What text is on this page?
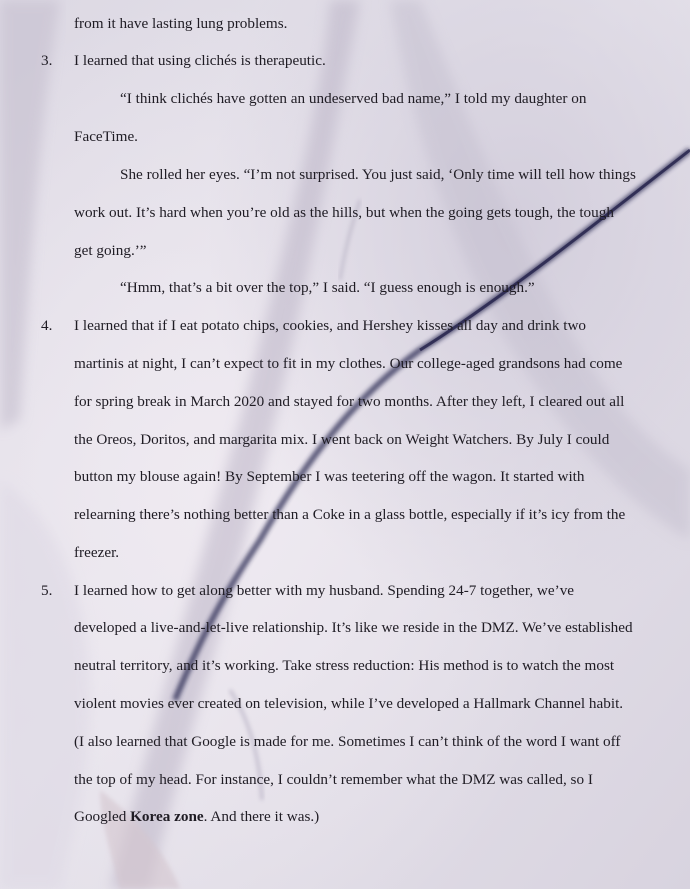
from it have lasting lung problems.
3. I learned that using clichés is therapeutic.
“I think clichés have gotten an undeserved bad name,” I told my daughter on
FaceTime.
She rolled her eyes. “I’m not surprised. You just said, ‘Only time will tell how things
work out. It’s hard when you’re old as the hills, but when the going gets tough, the tough
get going.’”
“Hmm, that’s a bit over the top,” I said. “I guess enough is enough.”
4. I learned that if I eat potato chips, cookies, and Hershey kisses all day and drink two
martinis at night, I can’t expect to fit in my clothes. Our college-aged grandsons had come
for spring break in March 2020 and stayed for two months. After they left, I cleared out all
the Oreos, Doritos, and margarita mix. I went back on Weight Watchers. By July I could
button my blouse again! By September I was teetering off the wagon. It started with
relearning there’s nothing better than a Coke in a glass bottle, especially if it’s icy from the
freezer.
5. I learned how to get along better with my husband. Spending 24-7 together, we’ve
developed a live-and-let-live relationship. It’s like we reside in the DMZ. We’ve established
neutral territory, and it’s working. Take stress reduction: His method is to watch the most
violent movies ever created on television, while I’ve developed a Hallmark Channel habit.
(I also learned that Google is made for me. Sometimes I can’t think of the word I want off
the top of my head. For instance, I couldn’t remember what the DMZ was called, so I
Googled Korea zone. And there it was.)
